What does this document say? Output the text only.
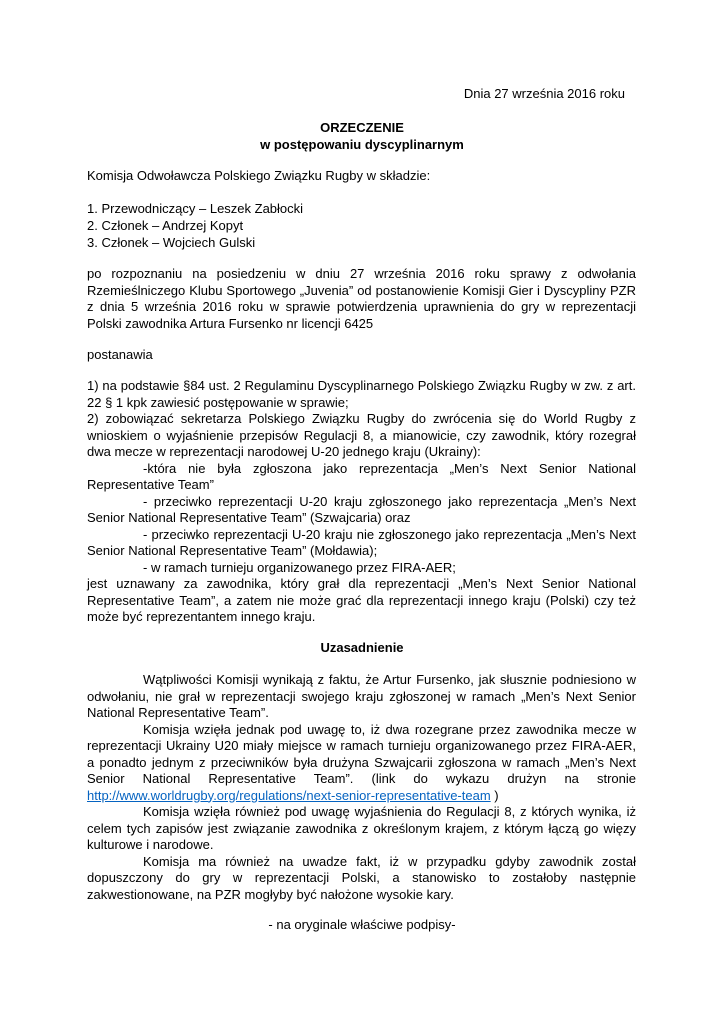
Dnia 27 września 2016 roku
ORZECZENIE
w postępowaniu dyscyplinarnym
Komisja Odwoławcza Polskiego Związku Rugby w składzie:
1. Przewodniczący – Leszek Zabłocki
2. Członek – Andrzej Kopyt
3. Członek – Wojciech Gulski
po rozpoznaniu na posiedzeniu w dniu 27 września 2016 roku sprawy z odwołania Rzemieślniczego Klubu Sportowego „Juvenia” od postanowienie Komisji Gier i Dyscypliny PZR z dnia 5 września 2016 roku w sprawie potwierdzenia uprawnienia do gry w reprezentacji Polski zawodnika Artura Fursenko nr licencji 6425
postanawia

1) na podstawie §84 ust. 2 Regulaminu Dyscyplinarnego Polskiego Związku Rugby w zw. z art. 22 § 1 kpk zawiesić postępowanie w sprawie;

2) zobowiązać sekretarza Polskiego Związku Rugby do zwrócenia się do World Rugby z wnioskiem o wyjaśnienie przepisów Regulacji 8, a mianowicie, czy zawodnik, który rozegrał dwa mecze w reprezentacji narodowej U-20 jednego kraju (Ukrainy):

-która nie była zgłoszona jako reprezentacja „Men’s Next Senior National Representative Team”

- przeciwko reprezentacji U-20 kraju zgłoszonego jako reprezentacja „Men’s Next Senior National Representative Team” (Szwajcaria) oraz

- przeciwko reprezentacji U-20 kraju nie zgłoszonego jako reprezentacja „Men’s Next Senior National Representative Team” (Mołdawia);

- w ramach turnieju organizowanego przez FIRA-AER;

jest uznawany za zawodnika, który grał dla reprezentacji „Men’s Next Senior National Representative Team”, a zatem nie może grać dla reprezentacji innego kraju (Polski) czy też może być reprezentantem innego kraju.

Uzasadnienie

Wątpliwości Komisji wynikają z faktu, że Artur Fursenko, jak słusznie podniesiono w odwołaniu, nie grał w reprezentacji swojego kraju zgłoszonej w ramach „Men’s Next Senior National Representative Team”.

Komisja wzięła jednak pod uwagę to, iż dwa rozegrane przez zawodnika mecze w reprezentacji Ukrainy U20 miały miejsce w ramach turnieju organizowanego przez FIRA-AER, a ponadto jednym z przeciwników była drużyna Szwajcarii zgłoszona w ramach „Men’s Next Senior National Representative Team”. (link do wykazu drużyn na stronie http://www.worldrugby.org/regulations/next-senior-representative-team )

Komisja wzięła również pod uwagę wyjaśnienia do Regulacji 8, z których wynika, iż celem tych zapisów jest związanie zawodnika z określonym krajem, z którym łączą go więzy kulturowe i narodowe.

Komisja ma również na uwadze fakt, iż w przypadku gdyby zawodnik został dopuszczony do gry w reprezentacji Polski, a stanowisko to zostałoby następnie zakwestionowane, na PZR mogłyby być nałożone wysokie kary.

- na oryginale właściwe podpisy-
